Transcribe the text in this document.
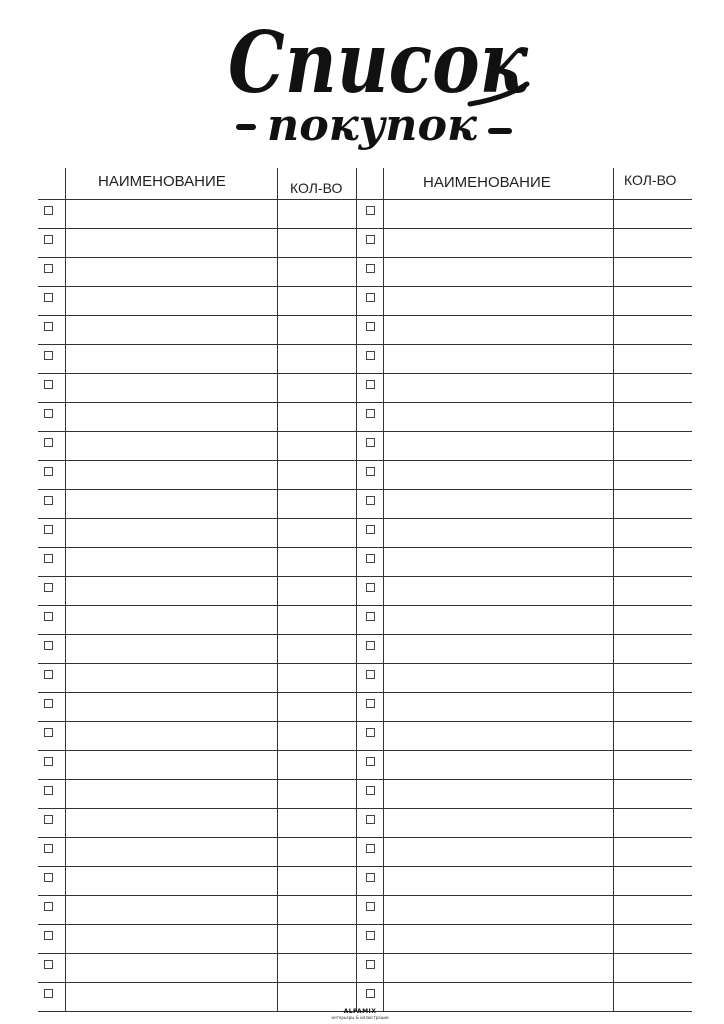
Список
покупок
НАИМЕНОВАНИЕ	КОЛ-ВО	НАИМЕНОВАНИЕ	КОЛ-ВО
ALFAMIX
интерьеры & иллюстрации
